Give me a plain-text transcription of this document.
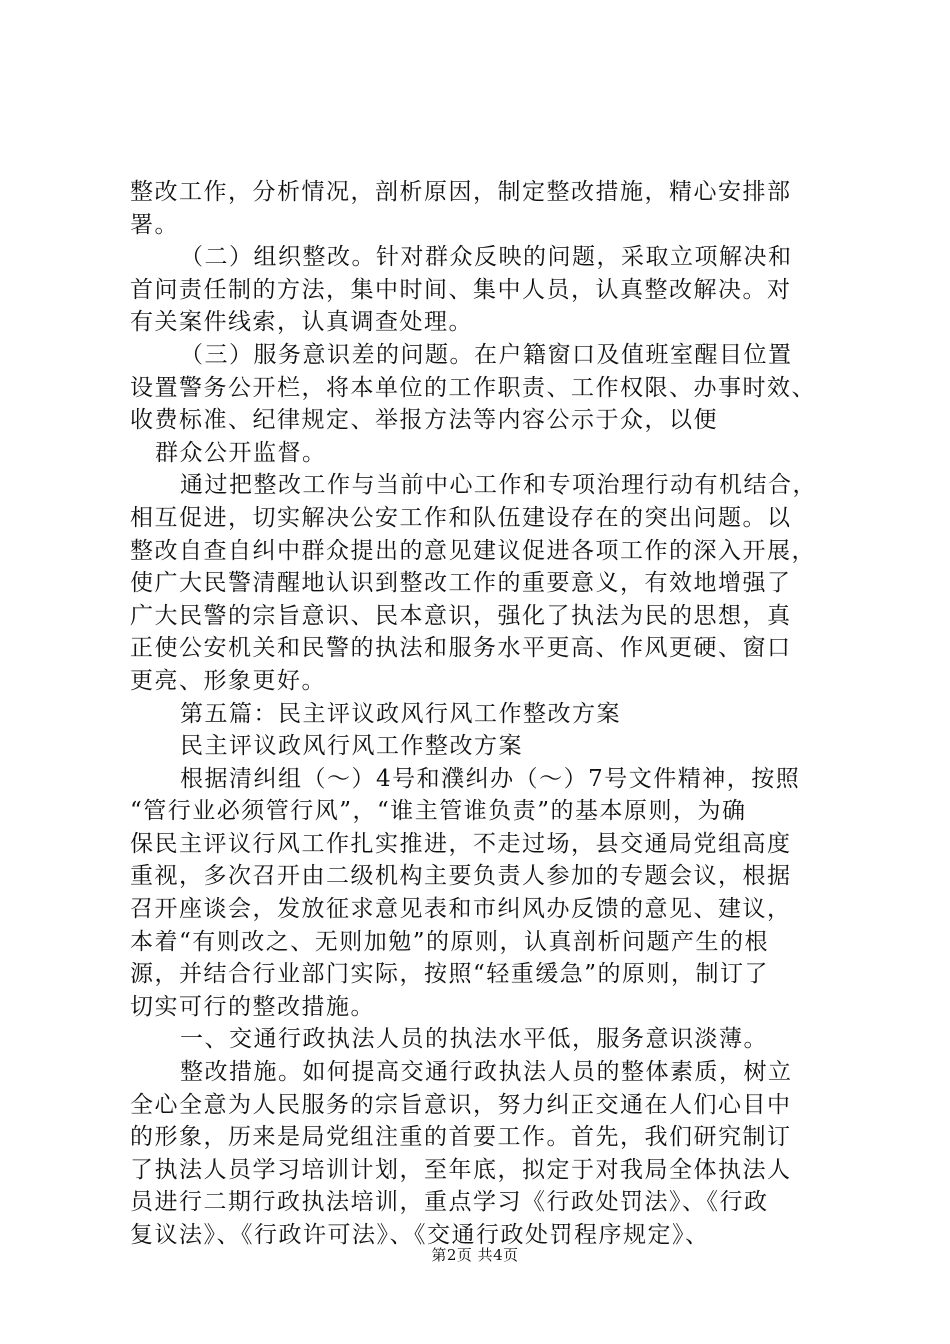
整改工作，分析情况，剖析原因，制定整改措施，精心安排部
署。
（二）组织整改。针对群众反映的问题，采取立项解决和
首问责任制的方法，集中时间、集中人员，认真整改解决。对
有关案件线索，认真调查处理。
（三）服务意识差的问题。在户籍窗口及值班室醒目位置
设置警务公开栏，将本单位的工作职责、工作权限、办事时效、
收费标准、纪律规定、举报方法等内容公示于众，以便
群众公开监督。
通过把整改工作与当前中心工作和专项治理行动有机结合，
相互促进，切实解决公安工作和队伍建设存在的突出问题。以
整改自查自纠中群众提出的意见建议促进各项工作的深入开展，
使广大民警清醒地认识到整改工作的重要意义，有效地增强了
广大民警的宗旨意识、民本意识，强化了执法为民的思想，真
正使公安机关和民警的执法和服务水平更高、作风更硬、窗口
更亮、形象更好。
第五篇：民主评议政风行风工作整改方案
民主评议政风行风工作整改方案
根据清纠组（～）4号和濮纠办（～）7号文件精神，按照
“管行业必须管行风”，“谁主管谁负责”的基本原则，为确
保民主评议行风工作扎实推进，不走过场，县交通局党组高度
重视，多次召开由二级机构主要负责人参加的专题会议，根据
召开座谈会，发放征求意见表和市纠风办反馈的意见、建议，
本着“有则改之、无则加勉”的原则，认真剖析问题产生的根
源，并结合行业部门实际，按照“轻重缓急”的原则，制订了
切实可行的整改措施。
一、交通行政执法人员的执法水平低，服务意识淡薄。
整改措施。如何提高交通行政执法人员的整体素质，树立
全心全意为人民服务的宗旨意识，努力纠正交通在人们心目中
的形象，历来是局党组注重的首要工作。首先，我们研究制订
了执法人员学习培训计划，至年底，拟定于对我局全体执法人
员进行二期行政执法培训，重点学习《行政处罚法》、《行政
复议法》、《行政许可法》、《交通行政处罚程序规定》、
第2页 共4页
